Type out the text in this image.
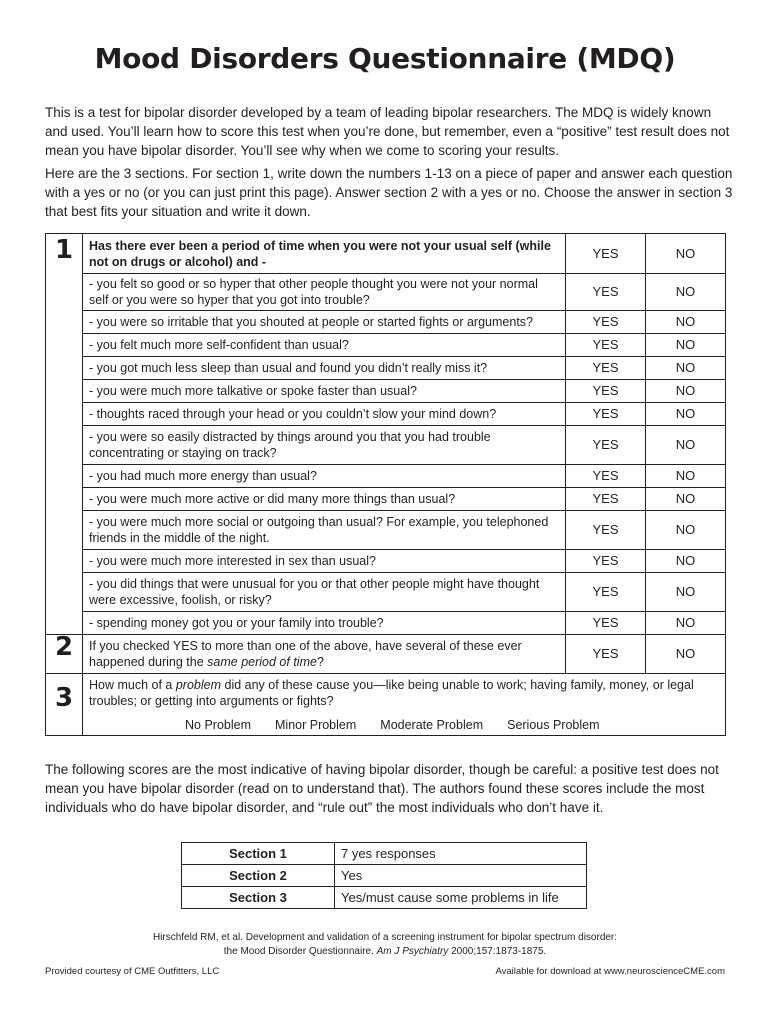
Mood Disorders Questionnaire (MDQ)

This is a test for bipolar disorder developed by a team of leading bipolar researchers. The MDQ is widely known and used. You’ll learn how to score this test when you’re done, but remember, even a “positive” test result does not mean you have bipolar disorder. You’ll see why when we come to scoring your results.

Here are the 3 sections. For section 1, write down the numbers 1-13 on a piece of paper and answer each question with a yes or no (or you can just print this page). Answer section 2 with a yes or no. Choose the answer in section 3 that best fits your situation and write it down.

1	Has there ever been a period of time when you were not your usual self (while not on drugs or alcohol) and -	YES	NO
	- you felt so good or so hyper that other people thought you were not your normal self or you were so hyper that you got into trouble?	YES	NO
	- you were so irritable that you shouted at people or started fights or arguments?	YES	NO
	- you felt much more self-confident than usual?	YES	NO
	- you got much less sleep than usual and found you didn’t really miss it?	YES	NO
	- you were much more talkative or spoke faster than usual?	YES	NO
	- thoughts raced through your head or you couldn’t slow your mind down?	YES	NO
	- you were so easily distracted by things around you that you had trouble concentrating or staying on track?	YES	NO
	- you had much more energy than usual?	YES	NO
	- you were much more active or did many more things than usual?	YES	NO
	- you were much more social or outgoing than usual? For example, you telephoned friends in the middle of the night.	YES	NO
	- you were much more interested in sex than usual?	YES	NO
	- you did things that were unusual for you or that other people might have thought were excessive, foolish, or risky?	YES	NO
	- spending money got you or your family into trouble?	YES	NO

2	If you checked YES to more than one of the above, have several of these ever happened during the same period of time?	YES	NO

3	How much of a problem did any of these cause you—like being unable to work; having family, money, or legal troubles; or getting into arguments or fights?
No Problem Minor Problem Moderate Problem Serious Problem		

The following scores are the most indicative of having bipolar disorder, though be careful: a positive test does not mean you have bipolar disorder (read on to understand that). The authors found these scores include the most individuals who do have bipolar disorder, and “rule out” the most individuals who don’t have it.

Section 1	7 yes responses
Section 2	Yes
Section 3	Yes/must cause some problems in life
Hirschfeld RM, et al. Development and validation of a screening instrument for bipolar spectrum disorder:
the Mood Disorder Questionnaire. Am J Psychiatry 2000;157:1873-1875.
Provided courtesy of CME Outfitters, LLC	Available for download at www.neuroscienceCME.com
